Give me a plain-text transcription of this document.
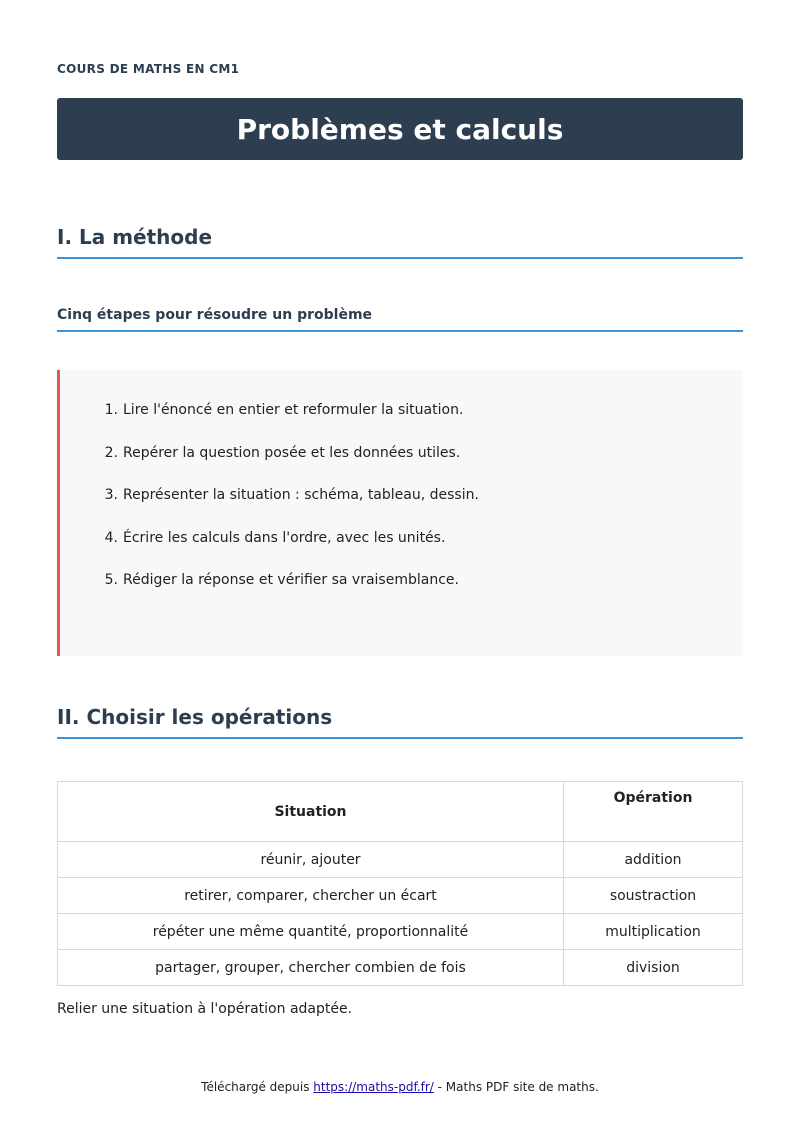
COURS DE MATHS EN CM1
Problèmes et calculs
I. La méthode
Cinq étapes pour résoudre un problème
1. Lire l'énoncé en entier et reformuler la situation.
2. Repérer la question posée et les données utiles.
3. Représenter la situation : schéma, tableau, dessin.
4. Écrire les calculs dans l'ordre, avec les unités.
5. Rédiger la réponse et vérifier sa vraisemblance.
II. Choisir les opérations
Situation	Opération
réunir, ajouter	addition
retirer, comparer, chercher un écart	soustraction
répéter une même quantité, proportionnalité	multiplication
partager, grouper, chercher combien de fois	division
Relier une situation à l'opération adaptée.
Téléchargé depuis https://maths-pdf.fr/ - Maths PDF site de maths.
